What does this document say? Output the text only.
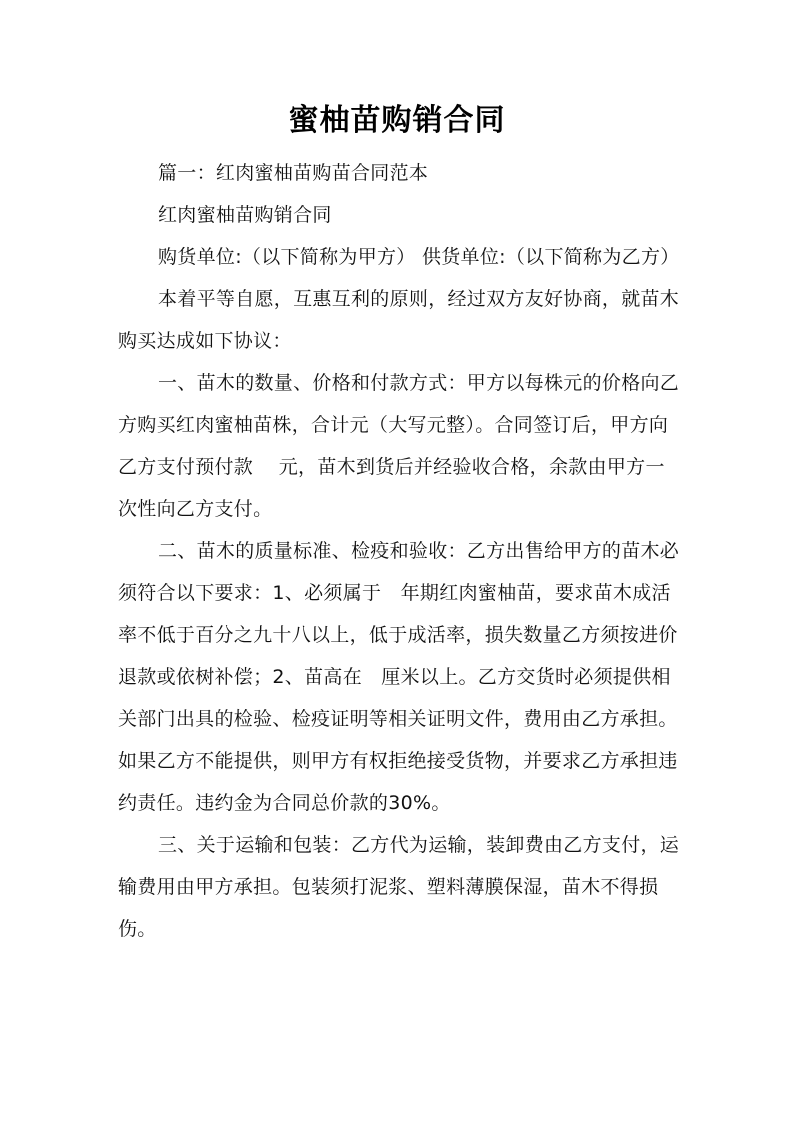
蜜柚苗购销合同

篇一：红肉蜜柚苗购苗合同范本

红肉蜜柚苗购销合同

购货单位:（以下简称为甲方） 供货单位:（以下简称为乙方）

本着平等自愿，互惠互利的原则，经过双方友好协商，就苗木购买达成如下协议：

一、苗木的数量、价格和付款方式：甲方以每株元的价格向乙方购买红肉蜜柚苗株，合计元（大写元整）。合同签订后，甲方向乙方支付预付款　 元，苗木到货后并经验收合格，余款由甲方一次性向乙方支付。

二、苗木的质量标准、检疫和验收：乙方出售给甲方的苗木必须符合以下要求：1、必须属于　年期红肉蜜柚苗，要求苗木成活率不低于百分之九十八以上，低于成活率，损失数量乙方须按进价退款或依树补偿；2、苗高在　厘米以上。乙方交货时必须提供相关部门出具的检验、检疫证明等相关证明文件，费用由乙方承担。如果乙方不能提供，则甲方有权拒绝接受货物，并要求乙方承担违约责任。违约金为合同总价款的30%。

三、关于运输和包装：乙方代为运输，装卸费由乙方支付，运输费用由甲方承担。包装须打泥浆、塑料薄膜保湿，苗木不得损伤。
